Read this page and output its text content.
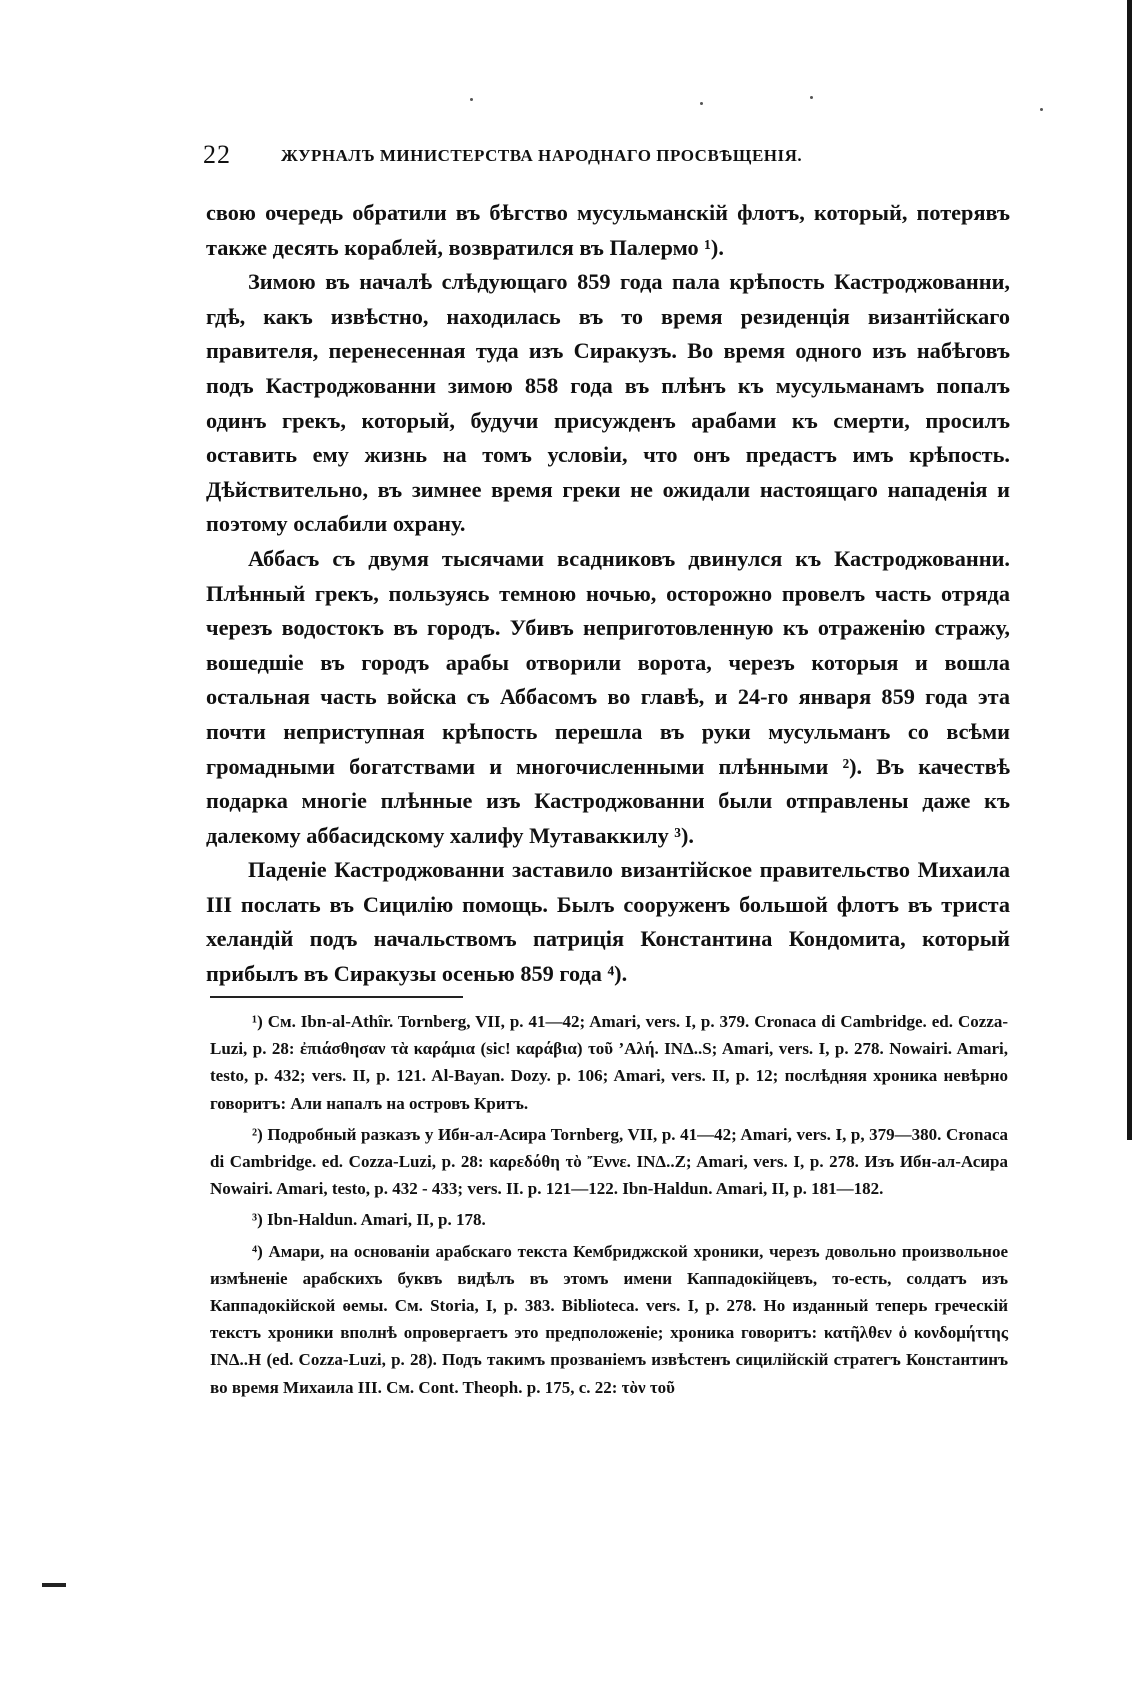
22	ЖУРНАЛЪ МИНИСТЕРСТВА НАРОДНАГО ПРОСВѢЩЕНІЯ.

свою очередь обратили въ бѣгство мусульманскій флотъ, который, потерявъ также десять кораблей, возвратился въ Палермо ¹).

Зимою въ началѣ слѣдующаго 859 года пала крѣпость Кастроджованни, гдѣ, какъ извѣстно, находилась въ то время резиденція византійскаго правителя, перенесенная туда изъ Сиракузъ. Во время одного изъ набѣговъ подъ Кастроджованни зимою 858 года въ плѣнъ къ мусульманамъ попалъ одинъ грекъ, который, будучи присужденъ арабами къ смерти, просилъ оставить ему жизнь на томъ условіи, что онъ предастъ имъ крѣпость. Дѣйствительно, въ зимнее время греки не ожидали настоящаго нападенія и поэтому ослабили охрану.

Аббасъ съ двумя тысячами всадниковъ двинулся къ Кастроджованни. Плѣнный грекъ, пользуясь темною ночью, осторожно провелъ часть отряда черезъ водостокъ въ городъ. Убивъ неприготовленную къ отраженію стражу, вошедшіе въ городъ арабы отворили ворота, черезъ которыя и вошла остальная часть войска съ Аббасомъ во главѣ, и 24-го января 859 года эта почти неприступная крѣпость перешла въ руки мусульманъ со всѣми громадными богатствами и многочисленными плѣнными ²). Въ качествѣ подарка многіе плѣнные изъ Кастроджованни были отправлены даже къ далекому аббасидскому халифу Мутаваккилу ³).

Паденіе Кастроджованни заставило византійское правительство Михаила III послать въ Сицилію помощь. Былъ сооруженъ большой флотъ въ триста хеландій подъ начальствомъ патриція Константина Кондомита, который прибылъ въ Сиракузы осенью 859 года ⁴).

¹) См. Ibn-al-Athîr. Tornberg, VII, p. 41—42; Amari, vers. I, p. 379. Cronaca di Cambridge. ed. Cozza-Luzi, p. 28: ἐπιάσθησαν τὰ καράμια (sic! καράβια) τοῦ ’Αλή. INΔ..S; Amari, vers. I, p. 278. Nowairi. Amari, testo, p. 432; vers. II, p. 121. Al-Bayan. Dozy. p. 106; Amari, vers. II, p. 12; послѣдняя хроника невѣрно говоритъ: Али напалъ на островъ Критъ.

²) Подробный разказъ у Ибн-ал-Асира Tornberg, VII, p. 41—42; Amari, vers. I, p, 379—380. Cronaca di Cambridge. ed. Cozza-Luzi, p. 28: καρεδόθη τὸ Ἔννε. INΔ..Z; Amari, vers. I, p. 278. Изъ Ибн-ал-Асира Nowairi. Amari, testo, p. 432 - 433; vers. II. p. 121—122. Ibn-Haldun. Amari, II, p. 181—182.

³) Ibn-Haldun. Amari, II, p. 178.

⁴) Амари, на основаніи арабскаго текста Кембриджской хроники, черезъ довольно произвольное измѣненіе арабскихъ буквъ видѣлъ въ этомъ имени Каппадокійцевъ, то-есть, солдатъ изъ Каппадокійской ѳемы. См. Storia, I, p. 383. Biblioteca. vers. I, p. 278. Но изданный теперь греческій текстъ хроники вполнѣ опровергаетъ это предположеніе; хроника говоритъ: κατῆλθεν ὁ κονδομήττης INΔ..H (ed. Cozza-Luzi, p. 28). Подъ такимъ прозваніемъ извѣстенъ сицилійскій стратегъ Константинъ во время Михаила III. См. Cont. Theoph. p. 175, c. 22: τὸν τοῦ
